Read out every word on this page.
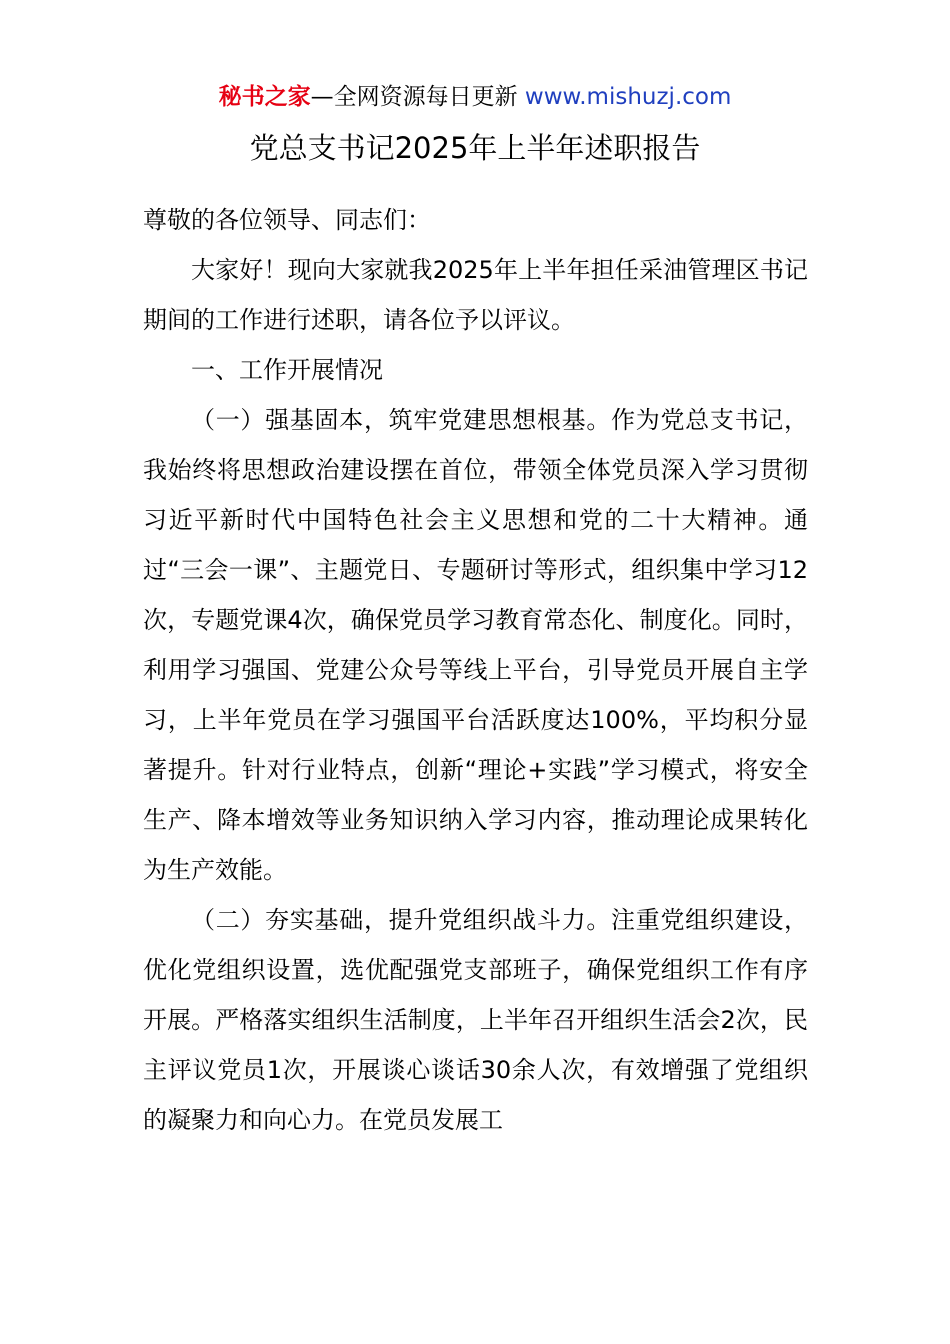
秘书之家—全网资源每日更新 www.mishuzj.com
党总支书记2025年上半年述职报告

尊敬的各位领导、同志们：

大家好！现向大家就我2025年上半年担任采油管理区书记期间的工作进行述职，请各位予以评议。

一、工作开展情况

（一）强基固本，筑牢党建思想根基。作为党总支书记，我始终将思想政治建设摆在首位，带领全体党员深入学习贯彻习近平新时代中国特色社会主义思想和党的二十大精神。通过“三会一课”、主题党日、专题研讨等形式，组织集中学习12次，专题党课4次，确保党员学习教育常态化、制度化。同时，利用学习强国、党建公众号等线上平台，引导党员开展自主学习，上半年党员在学习强国平台活跃度达100%，平均积分显著提升。针对行业特点，创新“理论+实践”学习模式，将安全生产、降本增效等业务知识纳入学习内容，推动理论成果转化为生产效能。

（二）夯实基础，提升党组织战斗力。注重党组织建设，优化党组织设置，选优配强党支部班子，确保党组织工作有序开展。严格落实组织生活制度，上半年召开组织生活会2次，民主评议党员1次，开展谈心谈话30余人次，有效增强了党组织的凝聚力和向心力。在党员发展工
